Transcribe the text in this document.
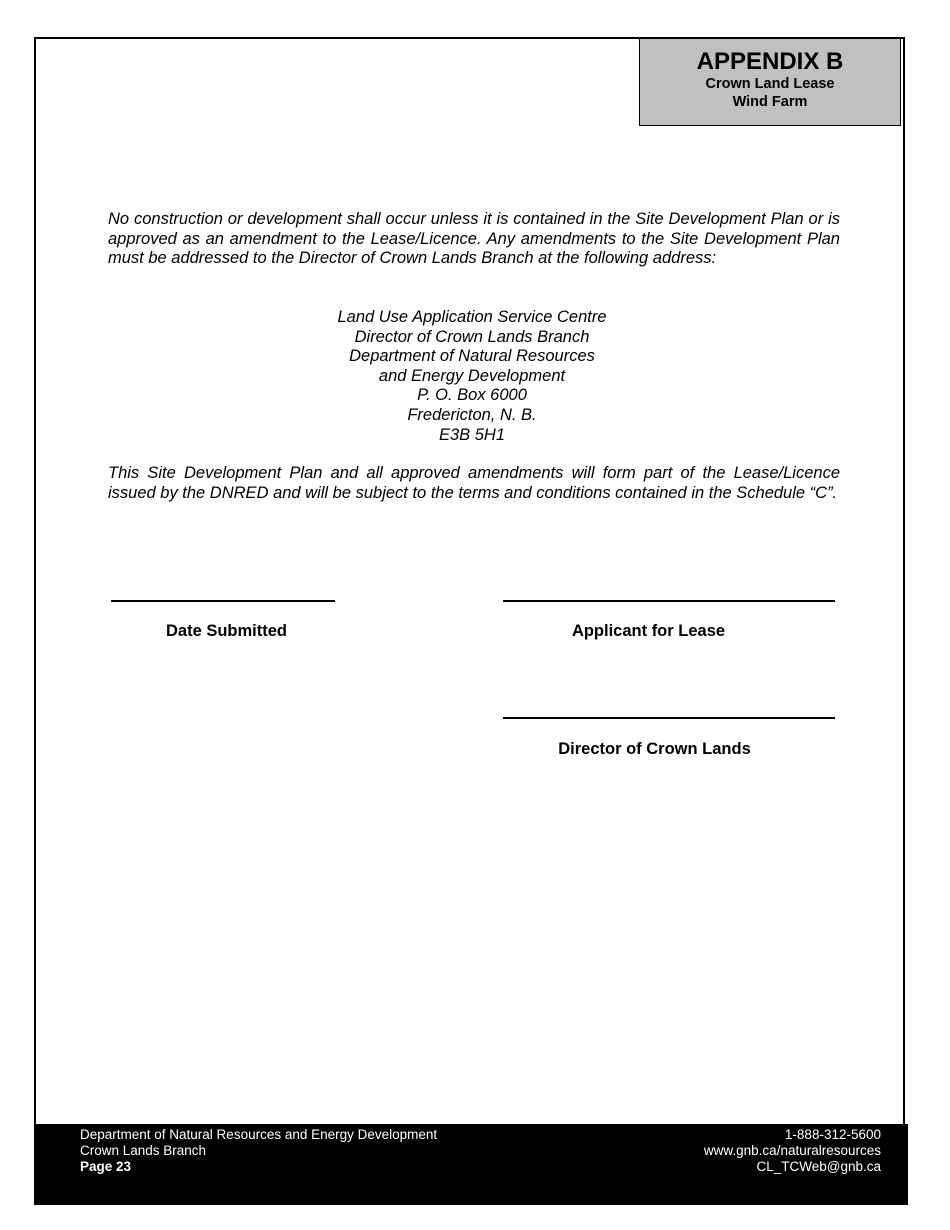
APPENDIX B
Crown Land Lease
Wind Farm
No construction or development shall occur unless it is contained in the Site Development Plan or is approved as an amendment to the Lease/Licence. Any amendments to the Site Development Plan must be addressed to the Director of Crown Lands Branch at the following address:
Land Use Application Service Centre
Director of Crown Lands Branch
Department of Natural Resources
and Energy Development
P. O. Box 6000
Fredericton, N. B.
E3B 5H1
This Site Development Plan and all approved amendments will form part of the Lease/Licence issued by the DNRED and will be subject to the terms and conditions contained in the Schedule “C”.
Date Submitted	Applicant for Lease
Director of Crown Lands
Department of Natural Resources and Energy Development
Crown Lands Branch
Page 23
1-888-312-5600
www.gnb.ca/naturalresources
CL_TCWeb@gnb.ca
